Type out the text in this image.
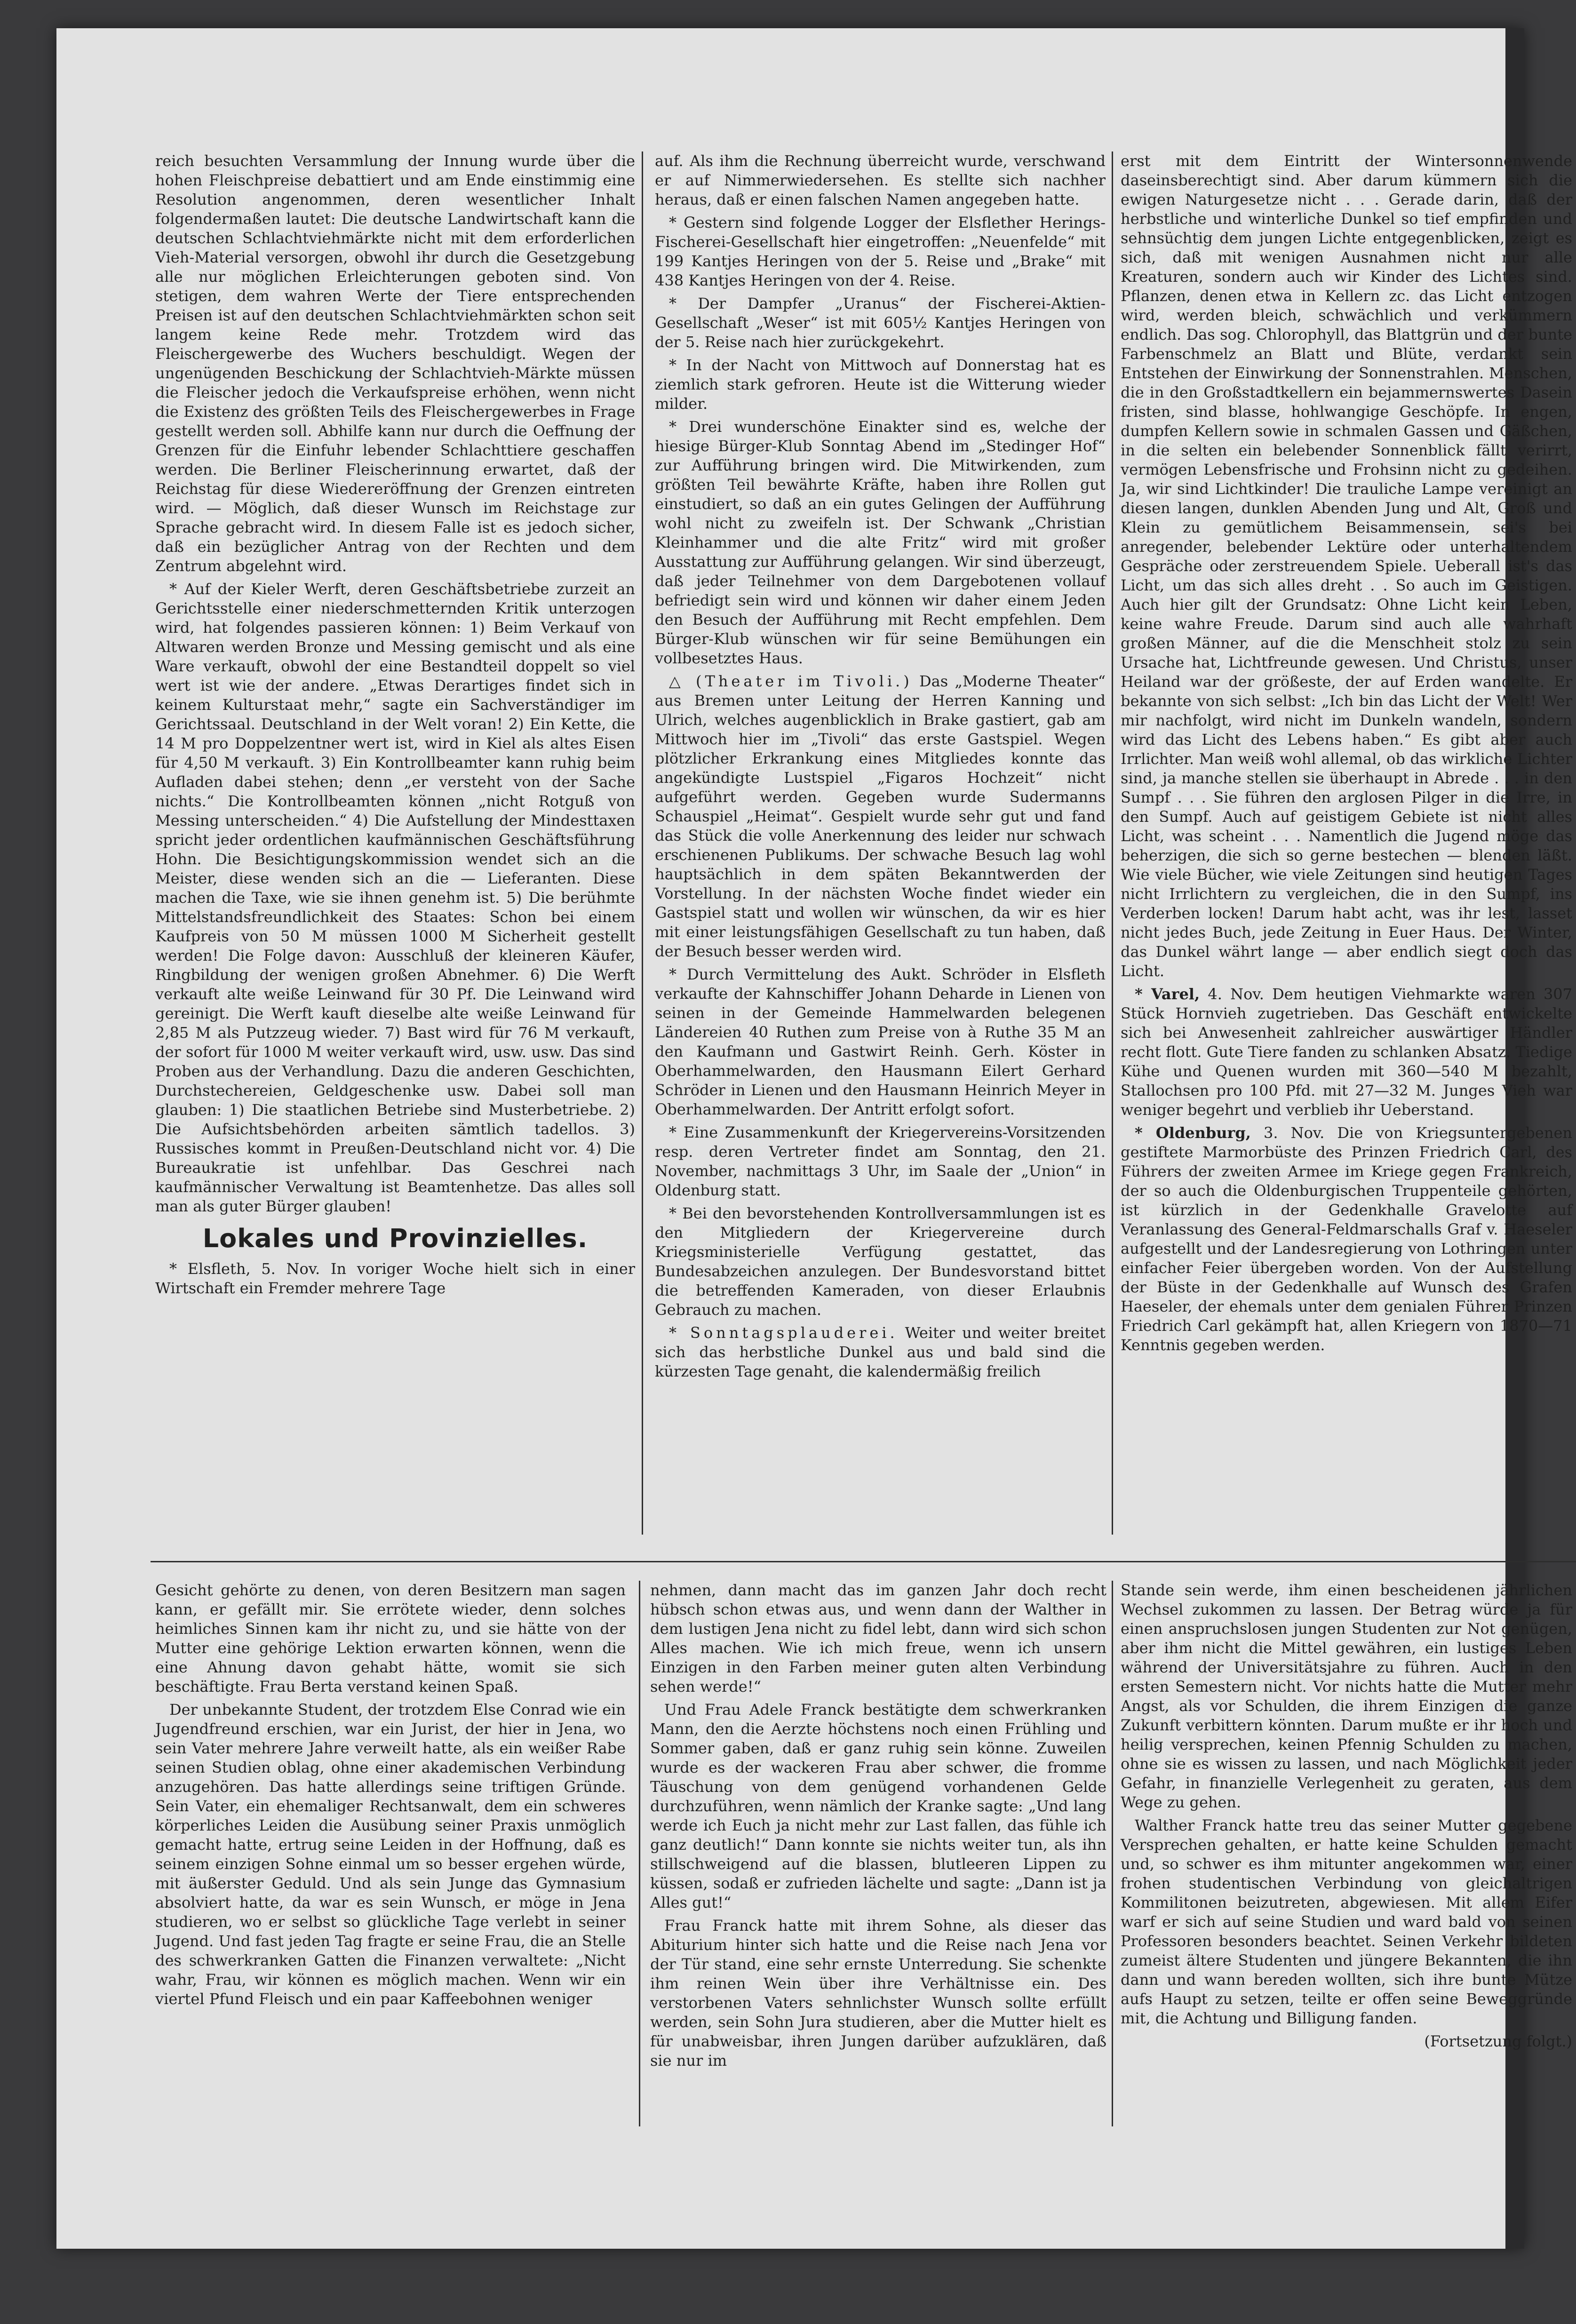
reich besuchten Versammlung der Innung wurde über die hohen Fleischpreise debattiert und am Ende einstimmig eine Resolution angenommen, deren wesentlicher Inhalt folgendermaßen lautet: Die deutsche Landwirtschaft kann die deutschen Schlachtviehmärkte nicht mit dem erforderlichen Vieh-Material versorgen, obwohl ihr durch die Gesetzgebung alle nur möglichen Erleichterungen geboten sind. Von stetigen, dem wahren Werte der Tiere entsprechenden Preisen ist auf den deutschen Schlachtviehmärkten schon seit langem keine Rede mehr. Trotzdem wird das Fleischergewerbe des Wuchers beschuldigt. Wegen der ungenügenden Beschickung der Schlachtvieh-Märkte müssen die Fleischer jedoch die Verkaufspreise erhöhen, wenn nicht die Existenz des größten Teils des Fleischergewerbes in Frage gestellt werden soll. Abhilfe kann nur durch die Oeffnung der Grenzen für die Einfuhr lebender Schlachttiere geschaffen werden. Die Berliner Fleischerinnung erwartet, daß der Reichstag für diese Wiedereröffnung der Grenzen eintreten wird. — Möglich, daß dieser Wunsch im Reichstage zur Sprache gebracht wird. In diesem Falle ist es jedoch sicher, daß ein bezüglicher Antrag von der Rechten und dem Zentrum abgelehnt wird.

* Auf der Kieler Werft, deren Geschäftsbetriebe zurzeit an Gerichtsstelle einer niederschmetternden Kritik unterzogen wird, hat folgendes passieren können: 1) Beim Verkauf von Altwaren werden Bronze und Messing gemischt und als eine Ware verkauft, obwohl der eine Bestandteil doppelt so viel wert ist wie der andere. „Etwas Derartiges findet sich in keinem Kulturstaat mehr,“ sagte ein Sachverständiger im Gerichtssaal. Deutschland in der Welt voran! 2) Ein Kette, die 14 M pro Doppelzentner wert ist, wird in Kiel als altes Eisen für 4,50 M verkauft. 3) Ein Kontrollbeamter kann ruhig beim Aufladen dabei stehen; denn „er versteht von der Sache nichts.“ Die Kontrollbeamten können „nicht Rotguß von Messing unterscheiden.“ 4) Die Aufstellung der Mindesttaxen spricht jeder ordentlichen kaufmännischen Geschäftsführung Hohn. Die Besichtigungskommission wendet sich an die Meister, diese wenden sich an die — Lieferanten. Diese machen die Taxe, wie sie ihnen genehm ist. 5) Die berühmte Mittelstandsfreundlichkeit des Staates: Schon bei einem Kaufpreis von 50 M müssen 1000 M Sicherheit gestellt werden! Die Folge davon: Ausschluß der kleineren Käufer, Ringbildung der wenigen großen Abnehmer. 6) Die Werft verkauft alte weiße Leinwand für 30 Pf. Die Leinwand wird gereinigt. Die Werft kauft dieselbe alte weiße Leinwand für 2,85 M als Putzzeug wieder. 7) Bast wird für 76 M verkauft, der sofort für 1000 M weiter verkauft wird, usw. usw. Das sind Proben aus der Verhandlung. Dazu die anderen Geschichten, Durchstechereien, Geldgeschenke usw. Dabei soll man glauben: 1) Die staatlichen Betriebe sind Musterbetriebe. 2) Die Aufsichtsbehörden arbeiten sämtlich tadellos. 3) Russisches kommt in Preußen-Deutschland nicht vor. 4) Die Bureaukratie ist unfehlbar. Das Geschrei nach kaufmännischer Verwaltung ist Beamtenhetze. Das alles soll man als guter Bürger glauben!

Lokales und Provinzielles.

* Elsfleth, 5. Nov. In voriger Woche hielt sich in einer Wirtschaft ein Fremder mehrere Tage

auf. Als ihm die Rechnung überreicht wurde, verschwand er auf Nimmerwiedersehen. Es stellte sich nachher heraus, daß er einen falschen Namen angegeben hatte.

* Gestern sind folgende Logger der Elsflether Herings-Fischerei-Gesellschaft hier eingetroffen: „Neuenfelde“ mit 199 Kantjes Heringen von der 5. Reise und „Brake“ mit 438 Kantjes Heringen von der 4. Reise.

* Der Dampfer „Uranus“ der Fischerei-Aktien-Gesellschaft „Weser“ ist mit 605½ Kantjes Heringen von der 5. Reise nach hier zurückgekehrt.

* In der Nacht von Mittwoch auf Donnerstag hat es ziemlich stark gefroren. Heute ist die Witterung wieder milder.

* Drei wunderschöne Einakter sind es, welche der hiesige Bürger-Klub Sonntag Abend im „Stedinger Hof“ zur Aufführung bringen wird. Die Mitwirkenden, zum größten Teil bewährte Kräfte, haben ihre Rollen gut einstudiert, so daß an ein gutes Gelingen der Aufführung wohl nicht zu zweifeln ist. Der Schwank „Christian Kleinhammer und die alte Fritz“ wird mit großer Ausstattung zur Aufführung gelangen. Wir sind überzeugt, daß jeder Teilnehmer von dem Dargebotenen vollauf befriedigt sein wird und können wir daher einem Jeden den Besuch der Aufführung mit Recht empfehlen. Dem Bürger-Klub wünschen wir für seine Bemühungen ein vollbesetztes Haus.

△ (Theater im Tivoli.) Das „Moderne Theater“ aus Bremen unter Leitung der Herren Kanning und Ulrich, welches augenblicklich in Brake gastiert, gab am Mittwoch hier im „Tivoli“ das erste Gastspiel. Wegen plötzlicher Erkrankung eines Mitgliedes konnte das angekündigte Lustspiel „Figaros Hochzeit“ nicht aufgeführt werden. Gegeben wurde Sudermanns Schauspiel „Heimat“. Gespielt wurde sehr gut und fand das Stück die volle Anerkennung des leider nur schwach erschienenen Publikums. Der schwache Besuch lag wohl hauptsächlich in dem späten Bekanntwerden der Vorstellung. In der nächsten Woche findet wieder ein Gastspiel statt und wollen wir wünschen, da wir es hier mit einer leistungsfähigen Gesellschaft zu tun haben, daß der Besuch besser werden wird.

* Durch Vermittelung des Aukt. Schröder in Elsfleth verkaufte der Kahnschiffer Johann Deharde in Lienen von seinen in der Gemeinde Hammelwarden belegenen Ländereien 40 Ruthen zum Preise von à Ruthe 35 M an den Kaufmann und Gastwirt Reinh. Gerh. Köster in Oberhammelwarden, den Hausmann Eilert Gerhard Schröder in Lienen und den Hausmann Heinrich Meyer in Oberhammelwarden. Der Antritt erfolgt sofort.

* Eine Zusammenkunft der Kriegervereins-Vorsitzenden resp. deren Vertreter findet am Sonntag, den 21. November, nachmittags 3 Uhr, im Saale der „Union“ in Oldenburg statt.

* Bei den bevorstehenden Kontrollversammlungen ist es den Mitgliedern der Kriegervereine durch Kriegsministerielle Verfügung gestattet, das Bundesabzeichen anzulegen. Der Bundesvorstand bittet die betreffenden Kameraden, von dieser Erlaubnis Gebrauch zu machen.

* Sonntagsplauderei. Weiter und weiter breitet sich das herbstliche Dunkel aus und bald sind die kürzesten Tage genaht, die kalendermäßig freilich

erst mit dem Eintritt der Wintersonnenwende daseinsberechtigt sind. Aber darum kümmern sich die ewigen Naturgesetze nicht . . . Gerade darin, daß der herbstliche und winterliche Dunkel so tief empfinden und sehnsüchtig dem jungen Lichte entgegenblicken, zeigt es sich, daß mit wenigen Ausnahmen nicht nur alle Kreaturen, sondern auch wir Kinder des Lichtes sind. Pflanzen, denen etwa in Kellern zc. das Licht entzogen wird, werden bleich, schwächlich und verkümmern endlich. Das sog. Chlorophyll, das Blattgrün und der bunte Farbenschmelz an Blatt und Blüte, verdankt sein Entstehen der Einwirkung der Sonnenstrahlen. Menschen, die in den Großstadtkellern ein bejammernswertes Dasein fristen, sind blasse, hohlwangige Geschöpfe. In engen, dumpfen Kellern sowie in schmalen Gassen und Gäßchen, in die selten ein belebender Sonnenblick fällt verirrt, vermögen Lebensfrische und Frohsinn nicht zu gedeihen. Ja, wir sind Lichtkinder! Die trauliche Lampe vereinigt an diesen langen, dunklen Abenden Jung und Alt, Groß und Klein zu gemütlichem Beisammensein, sei's bei anregender, belebender Lektüre oder unterhaltendem Gespräche oder zerstreuendem Spiele. Ueberall ist's das Licht, um das sich alles dreht . . So auch im Geistigen. Auch hier gilt der Grundsatz: Ohne Licht kein Leben, keine wahre Freude. Darum sind auch alle wahrhaft großen Männer, auf die die Menschheit stolz zu sein Ursache hat, Lichtfreunde gewesen. Und Christus, unser Heiland war der größeste, der auf Erden wandelte. Er bekannte von sich selbst: „Ich bin das Licht der Welt! Wer mir nachfolgt, wird nicht im Dunkeln wandeln, sondern wird das Licht des Lebens haben.“ Es gibt aber auch Irrlichter. Man weiß wohl allemal, ob das wirkliche Lichter sind, ja manche stellen sie überhaupt in Abrede . . . in den Sumpf . . . Sie führen den arglosen Pilger in die Irre, in den Sumpf. Auch auf geistigem Gebiete ist nicht alles Licht, was scheint . . . Namentlich die Jugend möge das beherzigen, die sich so gerne bestechen — blenden läßt. Wie viele Bücher, wie viele Zeitungen sind heutigen Tages nicht Irrlichtern zu vergleichen, die in den Sumpf, ins Verderben locken! Darum habt acht, was ihr lest, lasset nicht jedes Buch, jede Zeitung in Euer Haus. Der Winter, das Dunkel währt lange — aber endlich siegt doch das Licht.

* Varel, 4. Nov. Dem heutigen Viehmarkte waren 307 Stück Hornvieh zugetrieben. Das Geschäft entwickelte sich bei Anwesenheit zahlreicher auswärtiger Händler recht flott. Gute Tiere fanden zu schlanken Absatz. Tiedige Kühe und Quenen wurden mit 360—540 M bezahlt, Stallochsen pro 100 Pfd. mit 27—32 M. Junges Vieh war weniger begehrt und verblieb ihr Ueberstand.

* Oldenburg, 3. Nov. Die von Kriegsuntergebenen gestiftete Marmorbüste des Prinzen Friedrich Carl, des Führers der zweiten Armee im Kriege gegen Frankreich, der so auch die Oldenburgischen Truppenteile gehörten, ist kürzlich in der Gedenkhalle Gravelotte auf Veranlassung des General-Feldmarschalls Graf v. Haeseler aufgestellt und der Landesregierung von Lothringen unter einfacher Feier übergeben worden. Von der Aufstellung der Büste in der Gedenkhalle auf Wunsch des Grafen Haeseler, der ehemals unter dem genialen Führer Prinzen Friedrich Carl gekämpft hat, allen Kriegern von 1870—71 Kenntnis gegeben werden.

Gesicht gehörte zu denen, von deren Besitzern man sagen kann, er gefällt mir. Sie errötete wieder, denn solches heimliches Sinnen kam ihr nicht zu, und sie hätte von der Mutter eine gehörige Lektion erwarten können, wenn die eine Ahnung davon gehabt hätte, womit sie sich beschäftigte. Frau Berta verstand keinen Spaß.

Der unbekannte Student, der trotzdem Else Conrad wie ein Jugendfreund erschien, war ein Jurist, der hier in Jena, wo sein Vater mehrere Jahre verweilt hatte, als ein weißer Rabe seinen Studien oblag, ohne einer akademischen Verbindung anzugehören. Das hatte allerdings seine triftigen Gründe. Sein Vater, ein ehemaliger Rechtsanwalt, dem ein schweres körperliches Leiden die Ausübung seiner Praxis unmöglich gemacht hatte, ertrug seine Leiden in der Hoffnung, daß es seinem einzigen Sohne einmal um so besser ergehen würde, mit äußerster Geduld. Und als sein Junge das Gymnasium absolviert hatte, da war es sein Wunsch, er möge in Jena studieren, wo er selbst so glückliche Tage verlebt in seiner Jugend. Und fast jeden Tag fragte er seine Frau, die an Stelle des schwerkranken Gatten die Finanzen verwaltete: „Nicht wahr, Frau, wir können es möglich machen. Wenn wir ein viertel Pfund Fleisch und ein paar Kaffeebohnen weniger

nehmen, dann macht das im ganzen Jahr doch recht hübsch schon etwas aus, und wenn dann der Walther in dem lustigen Jena nicht zu fidel lebt, dann wird sich schon Alles machen. Wie ich mich freue, wenn ich unsern Einzigen in den Farben meiner guten alten Verbindung sehen werde!“

Und Frau Adele Franck bestätigte dem schwerkranken Mann, den die Aerzte höchstens noch einen Frühling und Sommer gaben, daß er ganz ruhig sein könne. Zuweilen wurde es der wackeren Frau aber schwer, die fromme Täuschung von dem genügend vorhandenen Gelde durchzuführen, wenn nämlich der Kranke sagte: „Und lang werde ich Euch ja nicht mehr zur Last fallen, das fühle ich ganz deutlich!“ Dann konnte sie nichts weiter tun, als ihn stillschweigend auf die blassen, blutleeren Lippen zu küssen, sodaß er zufrieden lächelte und sagte: „Dann ist ja Alles gut!“

Frau Franck hatte mit ihrem Sohne, als dieser das Abiturium hinter sich hatte und die Reise nach Jena vor der Tür stand, eine sehr ernste Unterredung. Sie schenkte ihm reinen Wein über ihre Verhältnisse ein. Des verstorbenen Vaters sehnlichster Wunsch sollte erfüllt werden, sein Sohn Jura studieren, aber die Mutter hielt es für unabweisbar, ihren Jungen darüber aufzuklären, daß sie nur im

Stande sein werde, ihm einen bescheidenen jährlichen Wechsel zukommen zu lassen. Der Betrag würde ja für einen anspruchslosen jungen Studenten zur Not genügen, aber ihm nicht die Mittel gewähren, ein lustiges Leben während der Universitätsjahre zu führen. Auch in den ersten Semestern nicht. Vor nichts hatte die Mutter mehr Angst, als vor Schulden, die ihrem Einzigen die ganze Zukunft verbittern könnten. Darum mußte er ihr hoch und heilig versprechen, keinen Pfennig Schulden zu machen, ohne sie es wissen zu lassen, und nach Möglichkeit jeder Gefahr, in finanzielle Verlegenheit zu geraten, aus dem Wege zu gehen.

Walther Franck hatte treu das seiner Mutter gegebene Versprechen gehalten, er hatte keine Schulden gemacht und, so schwer es ihm mitunter angekommen war, einer frohen studentischen Verbindung von gleichaltrigen Kommilitonen beizutreten, abgewiesen. Mit allem Eifer warf er sich auf seine Studien und ward bald von seinen Professoren besonders beachtet. Seinen Verkehr bildeten zumeist ältere Studenten und jüngere Bekannten, die ihn dann und wann bereden wollten, sich ihre bunte Mütze aufs Haupt zu setzen, teilte er offen seine Beweggründe mit, die Achtung und Billigung fanden.

(Fortsetzung folgt.)
